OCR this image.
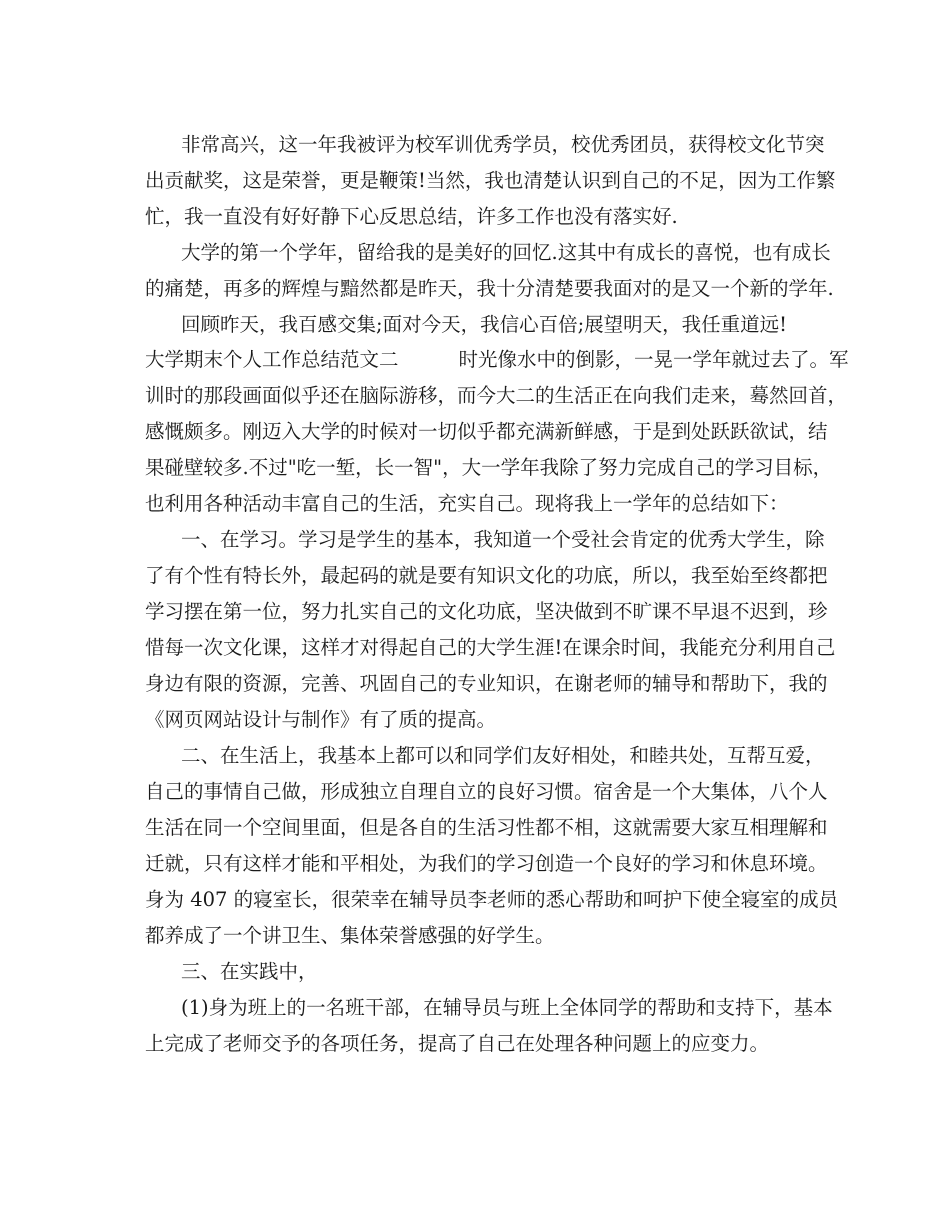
非常高兴，这一年我被评为校军训优秀学员，校优秀团员，获得校文化节突

出贡献奖，这是荣誉，更是鞭策!当然，我也清楚认识到自己的不足，因为工作繁

忙，我一直没有好好静下心反思总结，许多工作也没有落实好.

大学的第一个学年，留给我的是美好的回忆.这其中有成长的喜悦，也有成长

的痛楚，再多的辉煌与黯然都是昨天，我十分清楚要我面对的是又一个新的学年.

回顾昨天，我百感交集;面对今天，我信心百倍;展望明天，我任重道远!

大学期末个人工作总结范文二	时光像水中的倒影，一晃一学年就过去了。军

训时的那段画面似乎还在脑际游移，而今大二的生活正在向我们走来，蓦然回首，

感慨颇多。刚迈入大学的时候对一切似乎都充满新鲜感，于是到处跃跃欲试，结

果碰壁较多.不过"吃一堑，长一智"，大一学年我除了努力完成自己的学习目标，

也利用各种活动丰富自己的生活，充实自己。现将我上一学年的总结如下：

一、在学习。学习是学生的基本，我知道一个受社会肯定的优秀大学生，除

了有个性有特长外，最起码的就是要有知识文化的功底，所以，我至始至终都把

学习摆在第一位，努力扎实自己的文化功底，坚决做到不旷课不早退不迟到，珍

惜每一次文化课，这样才对得起自己的大学生涯!在课余时间，我能充分利用自己

身边有限的资源，完善、巩固自己的专业知识，在谢老师的辅导和帮助下，我的

《网页网站设计与制作》有了质的提高。

二、在生活上，我基本上都可以和同学们友好相处，和睦共处，互帮互爱，

自己的事情自己做，形成独立自理自立的良好习惯。宿舍是一个大集体，八个人

生活在同一个空间里面，但是各自的生活习性都不相，这就需要大家互相理解和

迁就，只有这样才能和平相处，为我们的学习创造一个良好的学习和休息环境。

身为 407 的寝室长，很荣幸在辅导员李老师的悉心帮助和呵护下使全寝室的成员

都养成了一个讲卫生、集体荣誉感强的好学生。

三、在实践中，

(1)身为班上的一名班干部，在辅导员与班上全体同学的帮助和支持下，基本

上完成了老师交予的各项任务，提高了自己在处理各种问题上的应变力。
